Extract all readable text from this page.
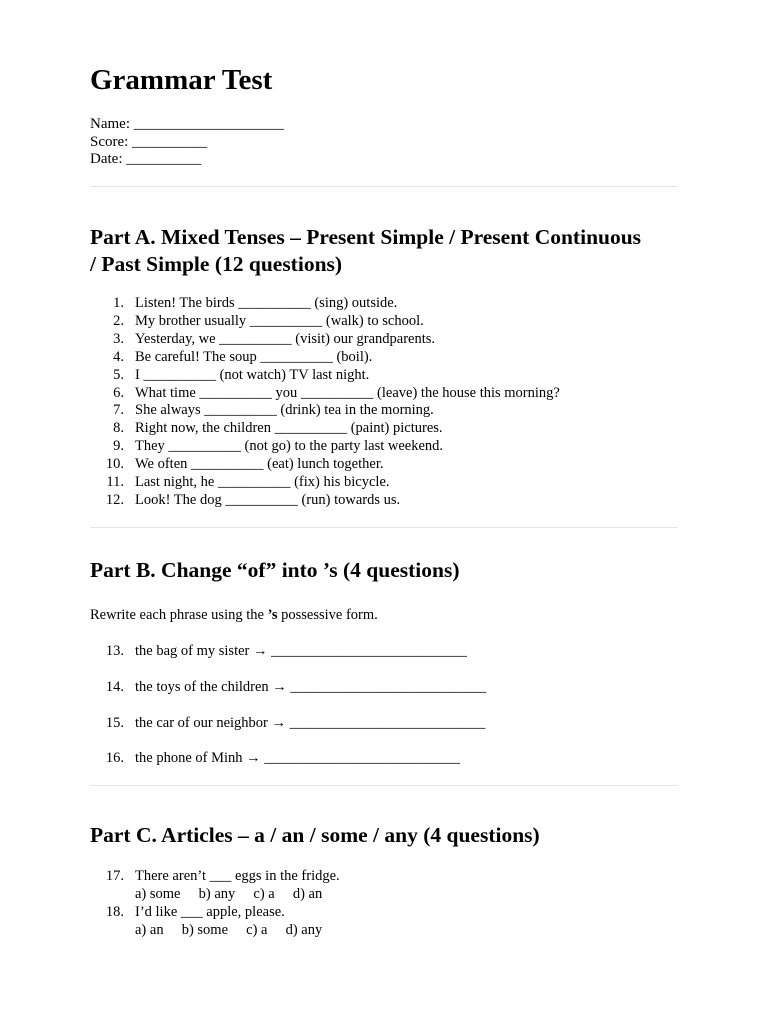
Grammar Test
Name: ____________________
Score: __________
Date: __________
Part A. Mixed Tenses – Present Simple / Present Continuous
/ Past Simple (12 questions)
1. Listen! The birds __________ (sing) outside.
2. My brother usually __________ (walk) to school.
3. Yesterday, we __________ (visit) our grandparents.
4. Be careful! The soup __________ (boil).
5. I __________ (not watch) TV last night.
6. What time __________ you __________ (leave) the house this morning?
7. She always __________ (drink) tea in the morning.
8. Right now, the children __________ (paint) pictures.
9. They __________ (not go) to the party last weekend.
10. We often __________ (eat) lunch together.
11. Last night, he __________ (fix) his bicycle.
12. Look! The dog __________ (run) towards us.
Part B. Change “of” into ’s (4 questions)
Rewrite each phrase using the ’s possessive form.
13. the bag of my sister → ___________________________
14. the toys of the children → ___________________________
15. the car of our neighbor → ___________________________
16. the phone of Minh → ___________________________
Part C. Articles – a / an / some / any (4 questions)
17. There aren’t ___ eggs in the fridge.
a) some     b) any     c) a     d) an
18. I’d like ___ apple, please.
a) an     b) some     c) a     d) any
